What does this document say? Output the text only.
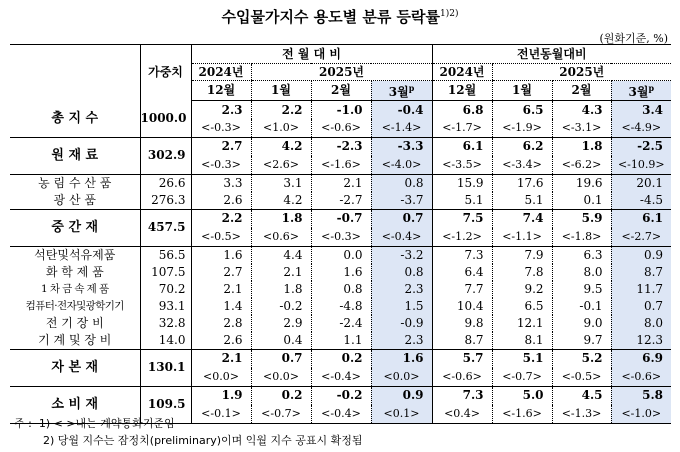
수입물가지수 용도별 분류 등락률$^{1)2)}$
(원화기준, %)
	가중치	전 월 대 비				전년동월대비			
		2024년	2025년			2024년	2025년		
		12월	1월	2월	3월$^p$	12월	1월	2월	3월$^p$
총 지 수	1000.0	2.3	2.2	-1.0	-0.4	6.8	6.5	4.3	3.4
		<-0.3>	<1.0>	<-0.6>	<-1.4>	<-1.7>	<-1.9>	<-3.1>	<-4.9>
원 재 료	302.9	2.7	4.2	-2.3	-3.3	6.1	6.2	1.8	-2.5
		<-0.3>	<2.6>	<-1.6>	<-4.0>	<-3.5>	<-3.4>	<-6.2>	<-10.9>
농 림 수 산 품	26.6	3.3	3.1	2.1	0.8	15.9	17.6	19.6	20.1
광 산 품	276.3	2.6	4.2	-2.7	-3.7	5.1	5.1	0.1	-4.5
중 간 재	457.5	2.2	1.8	-0.7	0.7	7.5	7.4	5.9	6.1
		<-0.5>	<0.6>	<-0.3>	<-0.4>	<-1.2>	<-1.1>	<-1.8>	<-2.7>
석탄및석유제품	56.5	1.6	4.4	0.0	-3.2	7.3	7.9	6.3	0.9
화 학 제 품	107.5	2.7	2.1	1.6	0.8	6.4	7.8	8.0	8.7
1 차 금 속 제 품	70.2	2.1	1.8	0.8	2.3	7.7	9.2	9.5	11.7
컴퓨터·전자및광학기기	93.1	1.4	-0.2	-4.8	1.5	10.4	6.5	-0.1	0.7
전 기 장 비	32.8	2.8	2.9	-2.4	-0.9	9.8	12.1	9.0	8.0
기 계 및 장 비	14.0	2.6	0.4	1.1	2.3	8.7	8.1	9.7	12.3
자 본 재	130.1	2.1	0.7	0.2	1.6	5.7	5.1	5.2	6.9
		<0.0>	<0.0>	<-0.4>	<0.0>	<-0.6>	<-0.7>	<-0.5>	<-0.6>
소 비 재	109.5	1.9	0.2	-0.2	0.9	7.3	5.0	4.5	5.8
		<-0.1>	<-0.7>	<-0.4>	<0.1>	<0.4>	<-1.6>	<-1.3>	<-1.0>
주 : 1) < >내는 계약통화기준임
2) 당월 지수는 잠정치(preliminary)이며 익월 지수 공표시 확정됨
